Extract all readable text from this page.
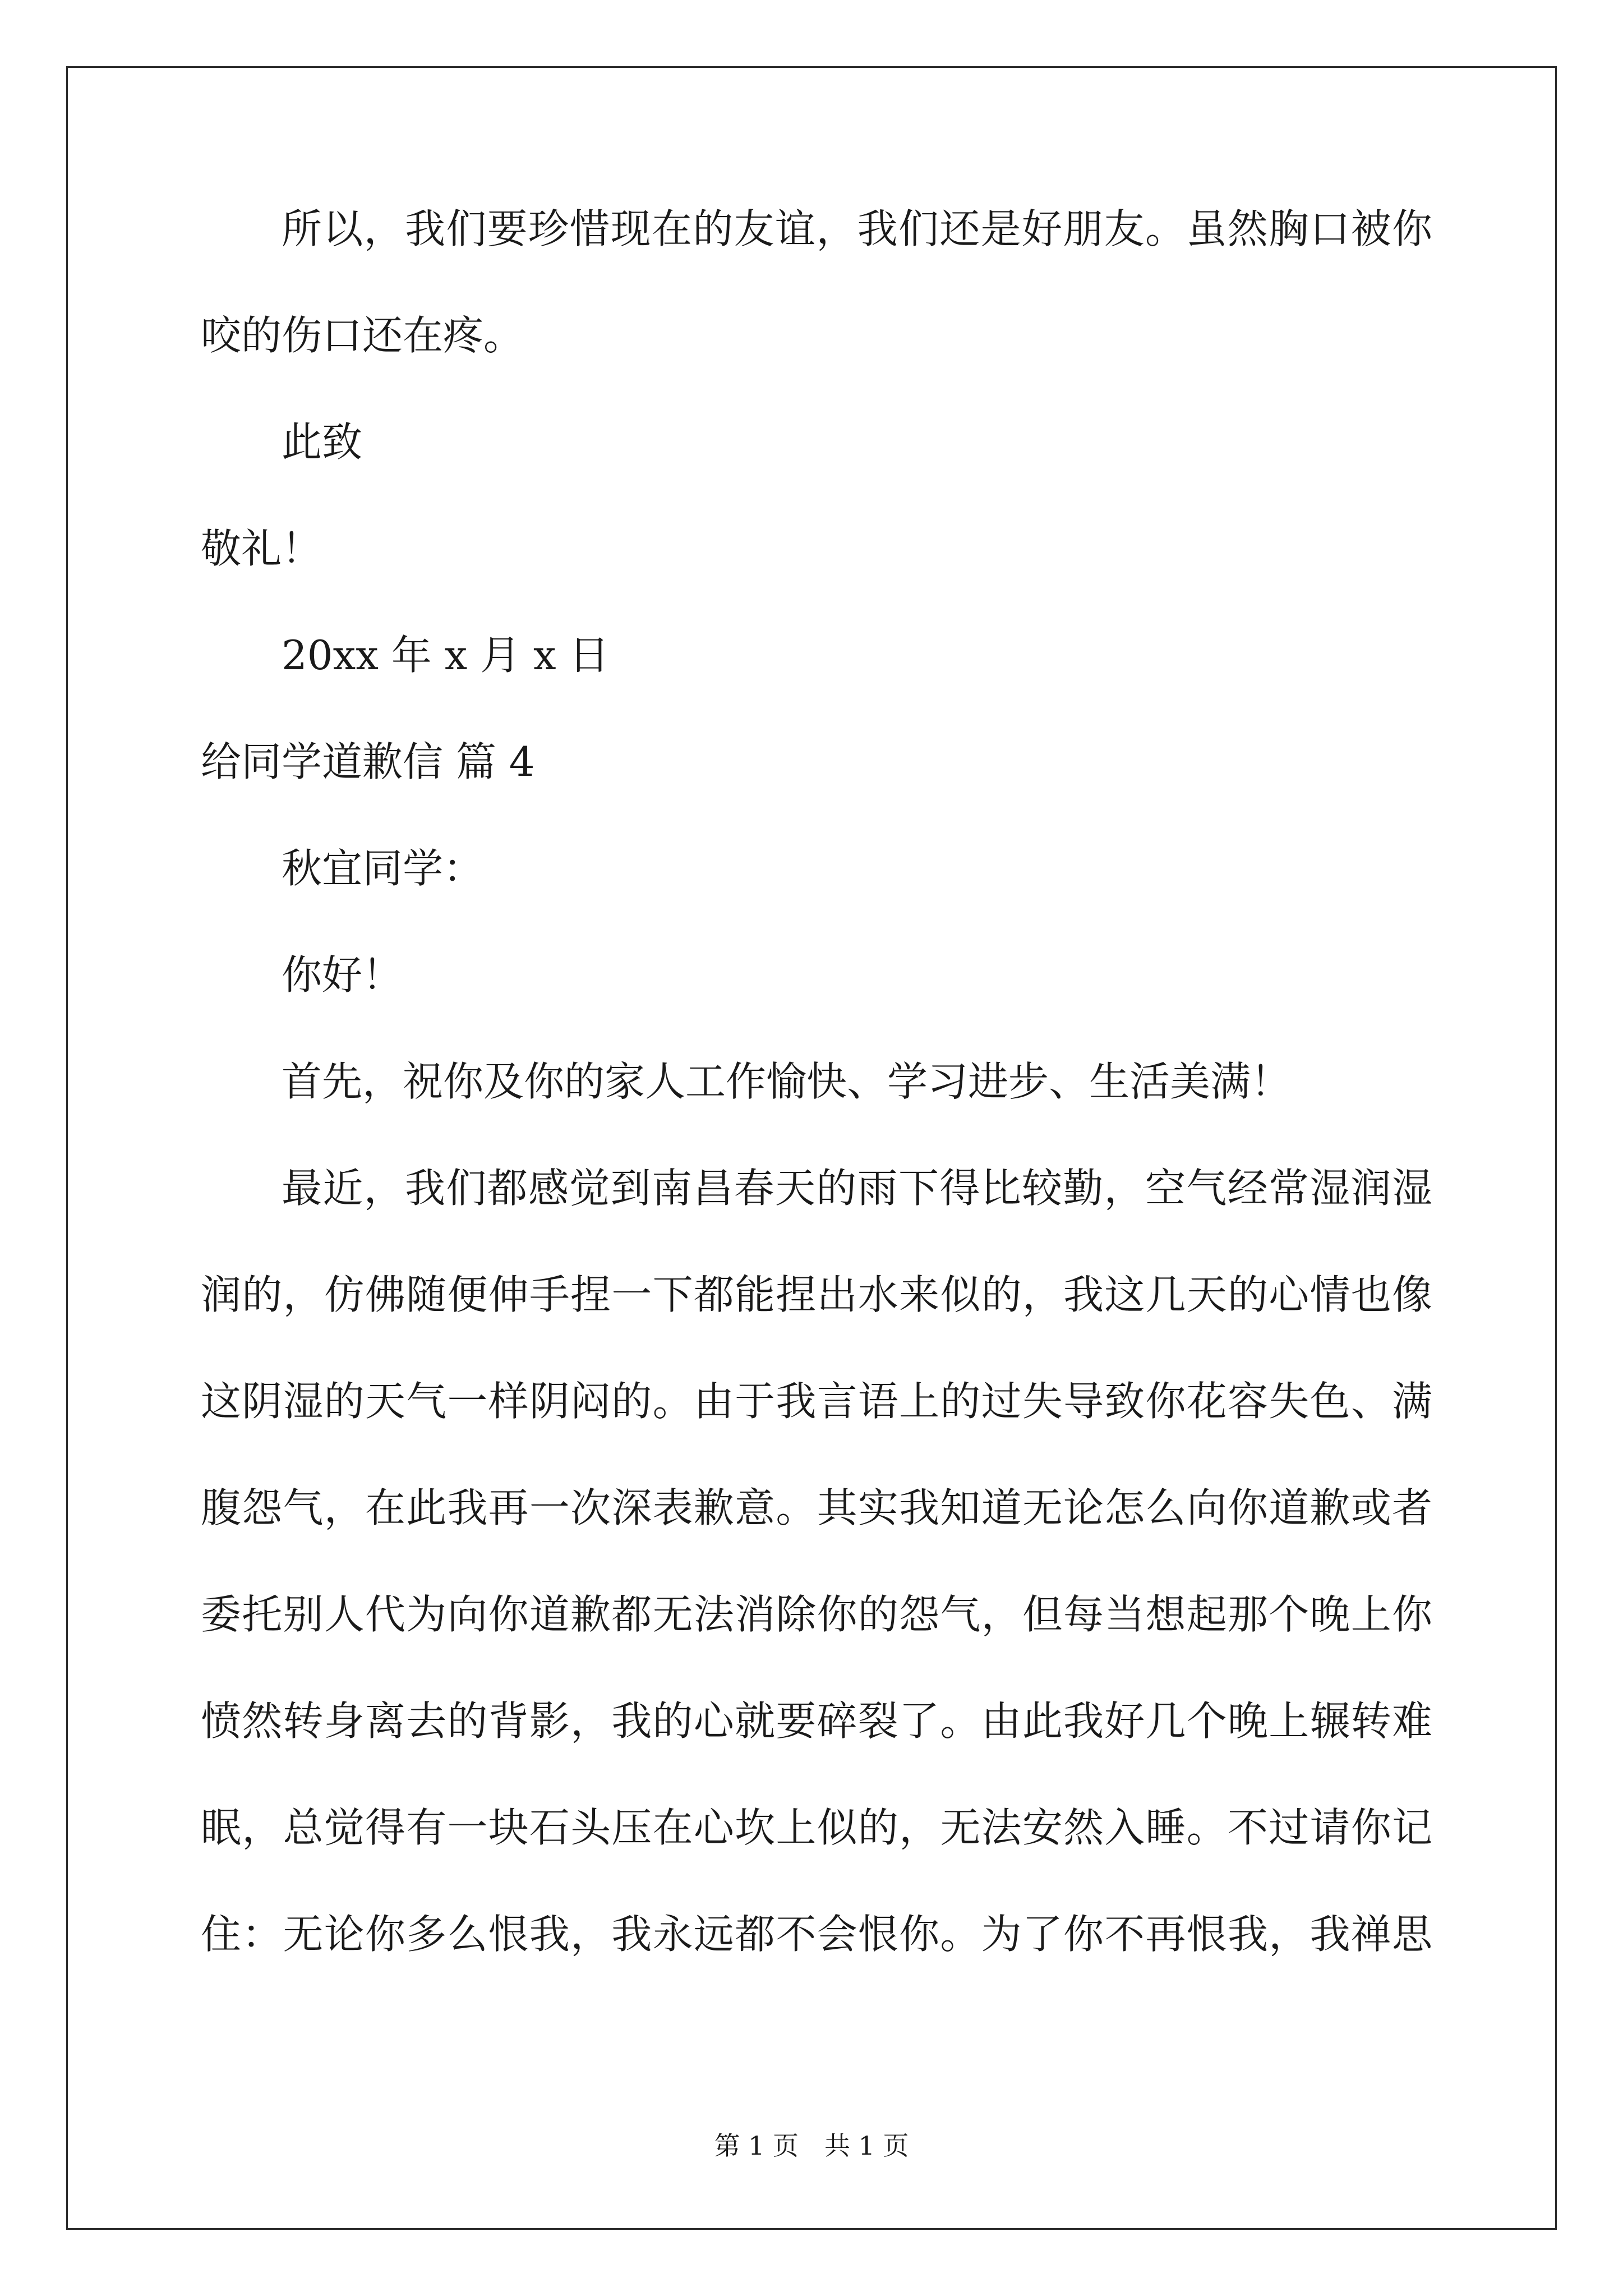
所以，我们要珍惜现在的友谊，我们还是好朋友。虽然胸口被你
咬的伤口还在疼。
此致
敬礼！
20xx 年 x 月 x 日
给同学道歉信 篇 4
秋宜同学：
你好！
首先，祝你及你的家人工作愉快、学习进步、生活美满！
最近，我们都感觉到南昌春天的雨下得比较勤，空气经常湿润湿
润的，仿佛随便伸手捏一下都能捏出水来似的，我这几天的心情也像
这阴湿的天气一样阴闷的。由于我言语上的过失导致你花容失色、满
腹怨气，在此我再一次深表歉意。其实我知道无论怎么向你道歉或者
委托别人代为向你道歉都无法消除你的怨气，但每当想起那个晚上你
愤然转身离去的背影，我的心就要碎裂了。由此我好几个晚上辗转难
眠，总觉得有一块石头压在心坎上似的，无法安然入睡。不过请你记
住：无论你多么恨我，我永远都不会恨你。为了你不再恨我，我禅思
第 1 页　共 1 页
